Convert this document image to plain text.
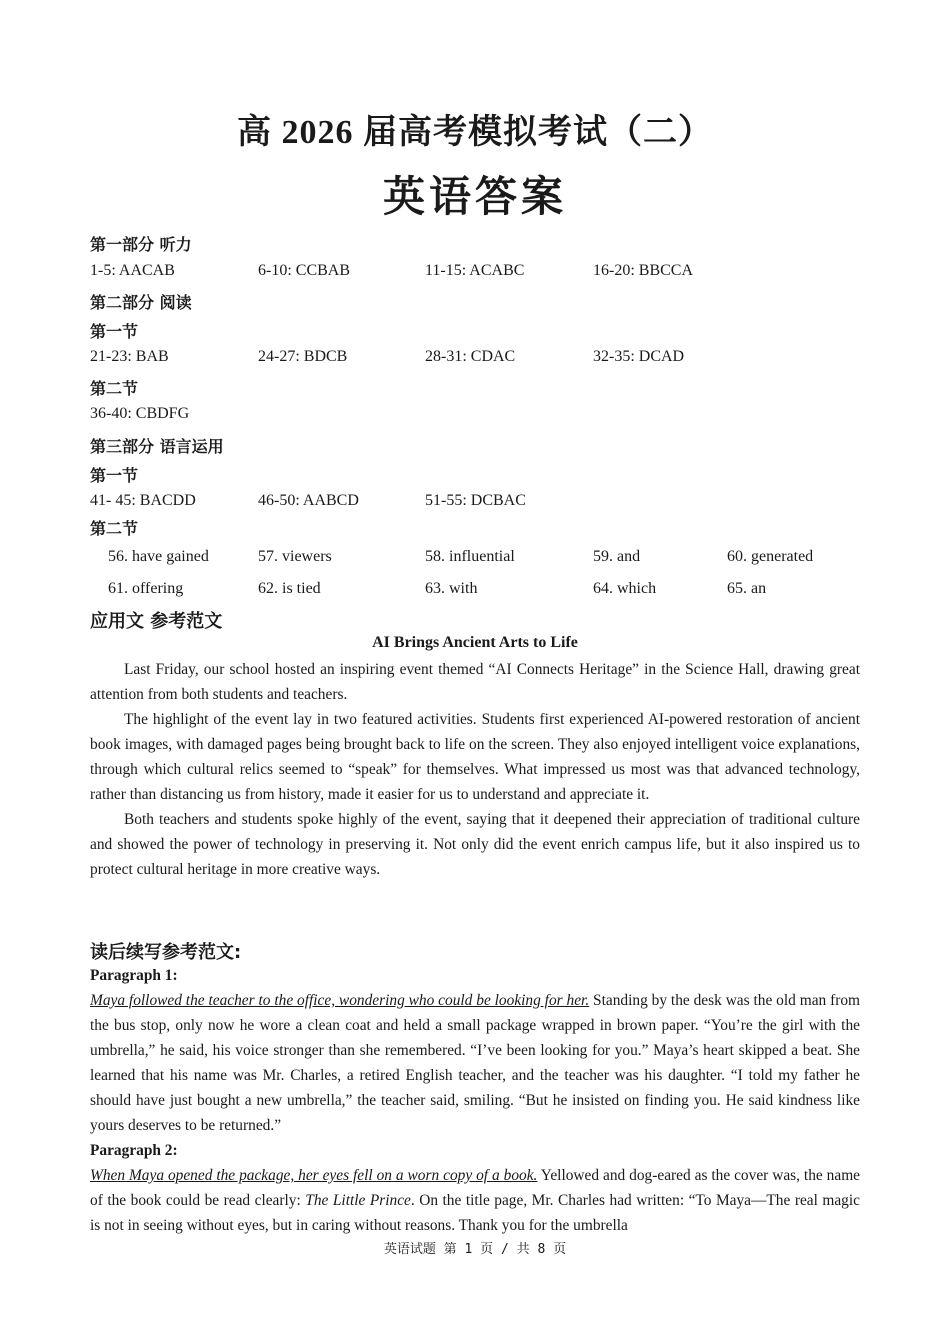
高 2026 届高考模拟考试（二）
英语答案
第一部分 听力
1-5: AACAB	6-10: CCBAB	11-15: ACABC	16-20: BBCCA
第二部分 阅读
第一节
21-23: BAB	24-27: BDCB	28-31: CDAC	32-35: DCAD
第二节
36-40: CBDFG
第三部分 语言运用
第一节
41- 45: BACDD	46-50: AABCD	51-55: DCBAC
第二节
56. have gained	57. viewers	58. influential	59. and	60. generated
61. offering	62. is tied	63. with	64. which	65. an
应用文 参考范文
AI Brings Ancient Arts to Life

Last Friday, our school hosted an inspiring event themed “AI Connects Heritage” in the Science Hall, drawing great attention from both students and teachers.

The highlight of the event lay in two featured activities. Students first experienced AI-powered restoration of ancient book images, with damaged pages being brought back to life on the screen. They also enjoyed intelligent voice explanations, through which cultural relics seemed to “speak” for themselves. What impressed us most was that advanced technology, rather than distancing us from history, made it easier for us to understand and appreciate it.

Both teachers and students spoke highly of the event, saying that it deepened their appreciation of traditional culture and showed the power of technology in preserving it. Not only did the event enrich campus life, but it also inspired us to protect cultural heritage in more creative ways.

读后续写参考范文:

Paragraph 1:

Maya followed the teacher to the office, wondering who could be looking for her. Standing by the desk was the old man from the bus stop, only now he wore a clean coat and held a small package wrapped in brown paper. “You’re the girl with the umbrella,” he said, his voice stronger than she remembered. “I’ve been looking for you.” Maya’s heart skipped a beat. She learned that his name was Mr. Charles, a retired English teacher, and the teacher was his daughter. “I told my father he should have just bought a new umbrella,” the teacher said, smiling. “But he insisted on finding you. He said kindness like yours deserves to be returned.”

Paragraph 2:

When Maya opened the package, her eyes fell on a worn copy of a book. Yellowed and dog-eared as the cover was, the name of the book could be read clearly: The Little Prince. On the title page, Mr. Charles had written: “To Maya—The real magic is not in seeing without eyes, but in caring without reasons. Thank you for the umbrella

英语试题 第 1 页 / 共 8 页
